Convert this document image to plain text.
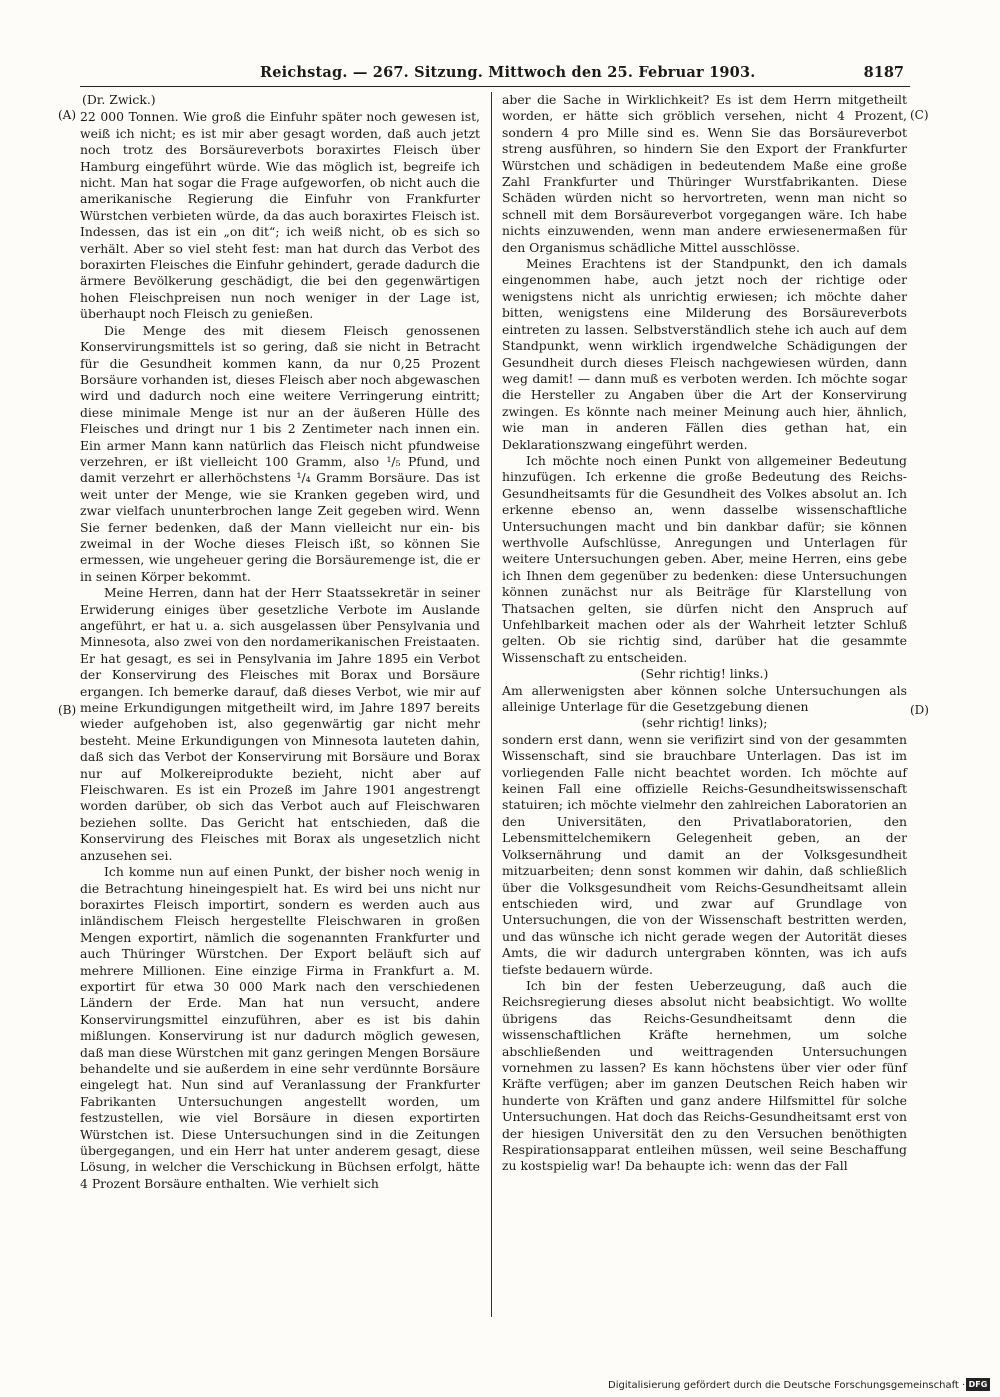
Reichstag. — 267. Sitzung. Mittwoch den 25. Februar 1903.	8187
(A)
(B)
(C)
(D)
(Dr. Zwick.)

22 000 Tonnen. Wie groß die Einfuhr später noch gewesen ist, weiß ich nicht; es ist mir aber gesagt worden, daß auch jetzt noch trotz des Borsäureverbots boraxirtes Fleisch über Hamburg eingeführt würde. Wie das möglich ist, begreife ich nicht. Man hat sogar die Frage aufgeworfen, ob nicht auch die amerikanische Regierung die Einfuhr von Frankfurter Würstchen verbieten würde, da das auch boraxirtes Fleisch ist. Indessen, das ist ein „on dit“; ich weiß nicht, ob es sich so verhält. Aber so viel steht fest: man hat durch das Verbot des boraxirten Fleisches die Einfuhr gehindert, gerade dadurch die ärmere Bevölkerung geschädigt, die bei den gegenwärtigen hohen Fleischpreisen nun noch weniger in der Lage ist, überhaupt noch Fleisch zu genießen.

Die Menge des mit diesem Fleisch genossenen Konservirungsmittels ist so gering, daß sie nicht in Betracht für die Gesundheit kommen kann, da nur 0,25 Prozent Borsäure vorhanden ist, dieses Fleisch aber noch abgewaschen wird und dadurch noch eine weitere Verringerung eintritt; diese minimale Menge ist nur an der äußeren Hülle des Fleisches und dringt nur 1 bis 2 Zentimeter nach innen ein. Ein armer Mann kann natürlich das Fleisch nicht pfundweise verzehren, er ißt vielleicht 100 Gramm, also ¹/₅ Pfund, und damit verzehrt er allerhöchstens ¹/₄ Gramm Borsäure. Das ist weit unter der Menge, wie sie Kranken gegeben wird, und zwar vielfach ununterbrochen lange Zeit gegeben wird. Wenn Sie ferner bedenken, daß der Mann vielleicht nur ein- bis zweimal in der Woche dieses Fleisch ißt, so können Sie ermessen, wie ungeheuer gering die Borsäuremenge ist, die er in seinen Körper bekommt.

Meine Herren, dann hat der Herr Staatssekretär in seiner Erwiderung einiges über gesetzliche Verbote im Auslande angeführt, er hat u. a. sich ausgelassen über Pensylvania und Minnesota, also zwei von den nordamerikanischen Freistaaten. Er hat gesagt, es sei in Pensylvania im Jahre 1895 ein Verbot der Konservirung des Fleisches mit Borax und Borsäure ergangen. Ich bemerke darauf, daß dieses Verbot, wie mir auf meine Erkundigungen mitgetheilt wird, im Jahre 1897 bereits wieder aufgehoben ist, also gegenwärtig gar nicht mehr besteht. Meine Erkundigungen von Minnesota lauteten dahin, daß sich das Verbot der Konservirung mit Borsäure und Borax nur auf Molkereiprodukte bezieht, nicht aber auf Fleischwaren. Es ist ein Prozeß im Jahre 1901 angestrengt worden darüber, ob sich das Verbot auch auf Fleischwaren beziehen sollte. Das Gericht hat entschieden, daß die Konservirung des Fleisches mit Borax als ungesetzlich nicht anzusehen sei.

Ich komme nun auf einen Punkt, der bisher noch wenig in die Betrachtung hineingespielt hat. Es wird bei uns nicht nur boraxirtes Fleisch importirt, sondern es werden auch aus inländischem Fleisch hergestellte Fleischwaren in großen Mengen exportirt, nämlich die sogenannten Frankfurter und auch Thüringer Würstchen. Der Export beläuft sich auf mehrere Millionen. Eine einzige Firma in Frankfurt a. M. exportirt für etwa 30 000 Mark nach den verschiedenen Ländern der Erde. Man hat nun versucht, andere Konservirungsmittel einzuführen, aber es ist bis dahin mißlungen. Konservirung ist nur dadurch möglich gewesen, daß man diese Würstchen mit ganz geringen Mengen Borsäure behandelte und sie außerdem in eine sehr verdünnte Borsäure eingelegt hat. Nun sind auf Veranlassung der Frankfurter Fabrikanten Untersuchungen angestellt worden, um festzustellen, wie viel Borsäure in diesen exportirten Würstchen ist. Diese Untersuchungen sind in die Zeitungen übergegangen, und ein Herr hat unter anderem gesagt, diese Lösung, in welcher die Verschickung in Büchsen erfolgt, hätte 4 Prozent Borsäure enthalten. Wie verhielt sich

aber die Sache in Wirklichkeit? Es ist dem Herrn mitgetheilt worden, er hätte sich gröblich versehen, nicht 4 Prozent, sondern 4 pro Mille sind es. Wenn Sie das Borsäureverbot streng ausführen, so hindern Sie den Export der Frankfurter Würstchen und schädigen in bedeutendem Maße eine große Zahl Frankfurter und Thüringer Wurstfabrikanten. Diese Schäden würden nicht so hervortreten, wenn man nicht so schnell mit dem Borsäureverbot vorgegangen wäre. Ich habe nichts einzuwenden, wenn man andere erwiesenermaßen für den Organismus schädliche Mittel ausschlösse.

Meines Erachtens ist der Standpunkt, den ich damals eingenommen habe, auch jetzt noch der richtige oder wenigstens nicht als unrichtig erwiesen; ich möchte daher bitten, wenigstens eine Milderung des Borsäureverbots eintreten zu lassen. Selbstverständlich stehe ich auch auf dem Standpunkt, wenn wirklich irgendwelche Schädigungen der Gesundheit durch dieses Fleisch nachgewiesen würden, dann weg damit! — dann muß es verboten werden. Ich möchte sogar die Hersteller zu Angaben über die Art der Konservirung zwingen. Es könnte nach meiner Meinung auch hier, ähnlich, wie man in anderen Fällen dies gethan hat, ein Deklarationszwang eingeführt werden.

Ich möchte noch einen Punkt von allgemeiner Bedeutung hinzufügen. Ich erkenne die große Bedeutung des Reichs-Gesundheitsamts für die Gesundheit des Volkes absolut an. Ich erkenne ebenso an, wenn dasselbe wissenschaftliche Untersuchungen macht und bin dankbar dafür; sie können werthvolle Aufschlüsse, Anregungen und Unterlagen für weitere Untersuchungen geben. Aber, meine Herren, eins gebe ich Ihnen dem gegenüber zu bedenken: diese Untersuchungen können zunächst nur als Beiträge für Klarstellung von Thatsachen gelten, sie dürfen nicht den Anspruch auf Unfehlbarkeit machen oder als der Wahrheit letzter Schluß gelten. Ob sie richtig sind, darüber hat die gesammte Wissenschaft zu entscheiden.

(Sehr richtig! links.)

Am allerwenigsten aber können solche Untersuchungen als alleinige Unterlage für die Gesetzgebung dienen

(sehr richtig! links);

sondern erst dann, wenn sie verifizirt sind von der gesammten Wissenschaft, sind sie brauchbare Unterlagen. Das ist im vorliegenden Falle nicht beachtet worden. Ich möchte auf keinen Fall eine offizielle Reichs-Gesundheitswissenschaft statuiren; ich möchte vielmehr den zahlreichen Laboratorien an den Universitäten, den Privatlaboratorien, den Lebensmittelchemikern Gelegenheit geben, an der Volksernährung und damit an der Volksgesundheit mitzuarbeiten; denn sonst kommen wir dahin, daß schließlich über die Volksgesundheit vom Reichs-Gesundheitsamt allein entschieden wird, und zwar auf Grundlage von Untersuchungen, die von der Wissenschaft bestritten werden, und das wünsche ich nicht gerade wegen der Autorität dieses Amts, die wir dadurch untergraben könnten, was ich aufs tiefste bedauern würde.

Ich bin der festen Ueberzeugung, daß auch die Reichsregierung dieses absolut nicht beabsichtigt. Wo wollte übrigens das Reichs-Gesundheitsamt denn die wissenschaftlichen Kräfte hernehmen, um solche abschließenden und weittragenden Untersuchungen vornehmen zu lassen? Es kann höchstens über vier oder fünf Kräfte verfügen; aber im ganzen Deutschen Reich haben wir hunderte von Kräften und ganz andere Hilfsmittel für solche Untersuchungen. Hat doch das Reichs-Gesundheitsamt erst von der hiesigen Universität den zu den Versuchen benöthigten Respirationsapparat entleihen müssen, weil seine Beschaffung zu kostspielig war! Da behaupte ich: wenn das der Fall

Digitalisierung gefördert durch die Deutsche Forschungsgemeinschaft · DFG
